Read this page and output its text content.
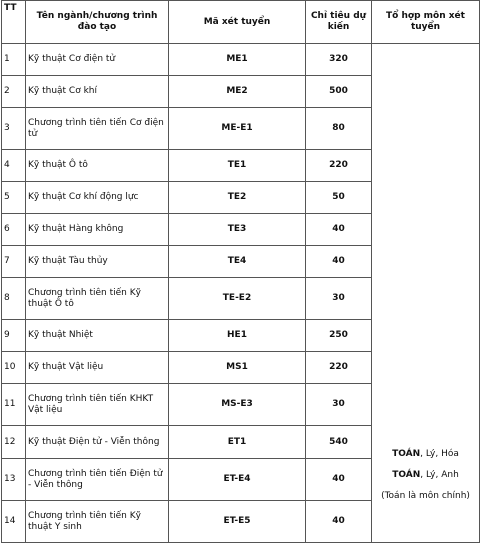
TT	Tên ngành/chương trình đào tạo	Mã xét tuyển	Chỉ tiêu dự kiến	Tổ hợp môn xét tuyển
1	Kỹ thuật Cơ điện tử	ME1	320	TOÁN, Lý, Hóa

TOÁN, Lý, Anh

(Toán là môn chính)

2	Kỹ thuật Cơ khí	ME2	500	
3	Chương trình tiên tiến Cơ điện tử	ME-E1	80	
4	Kỹ thuật Ô tô	TE1	220	
5	Kỹ thuật Cơ khí động lực	TE2	50	
6	Kỹ thuật Hàng không	TE3	40	
7	Kỹ thuật Tàu thủy	TE4	40	
8	Chương trình tiên tiến Kỹ thuật Ô tô	TE-E2	30	
9	Kỹ thuật Nhiệt	HE1	250	
10	Kỹ thuật Vật liệu	MS1	220	
11	Chương trình tiên tiến KHKT Vật liệu	MS-E3	30	
12	Kỹ thuật Điện tử - Viễn thông	ET1	540	
13	Chương trình tiên tiến Điện tử - Viễn thông	ET-E4	40	
14	Chương trình tiên tiến Kỹ thuật Y sinh	ET-E5	40	
